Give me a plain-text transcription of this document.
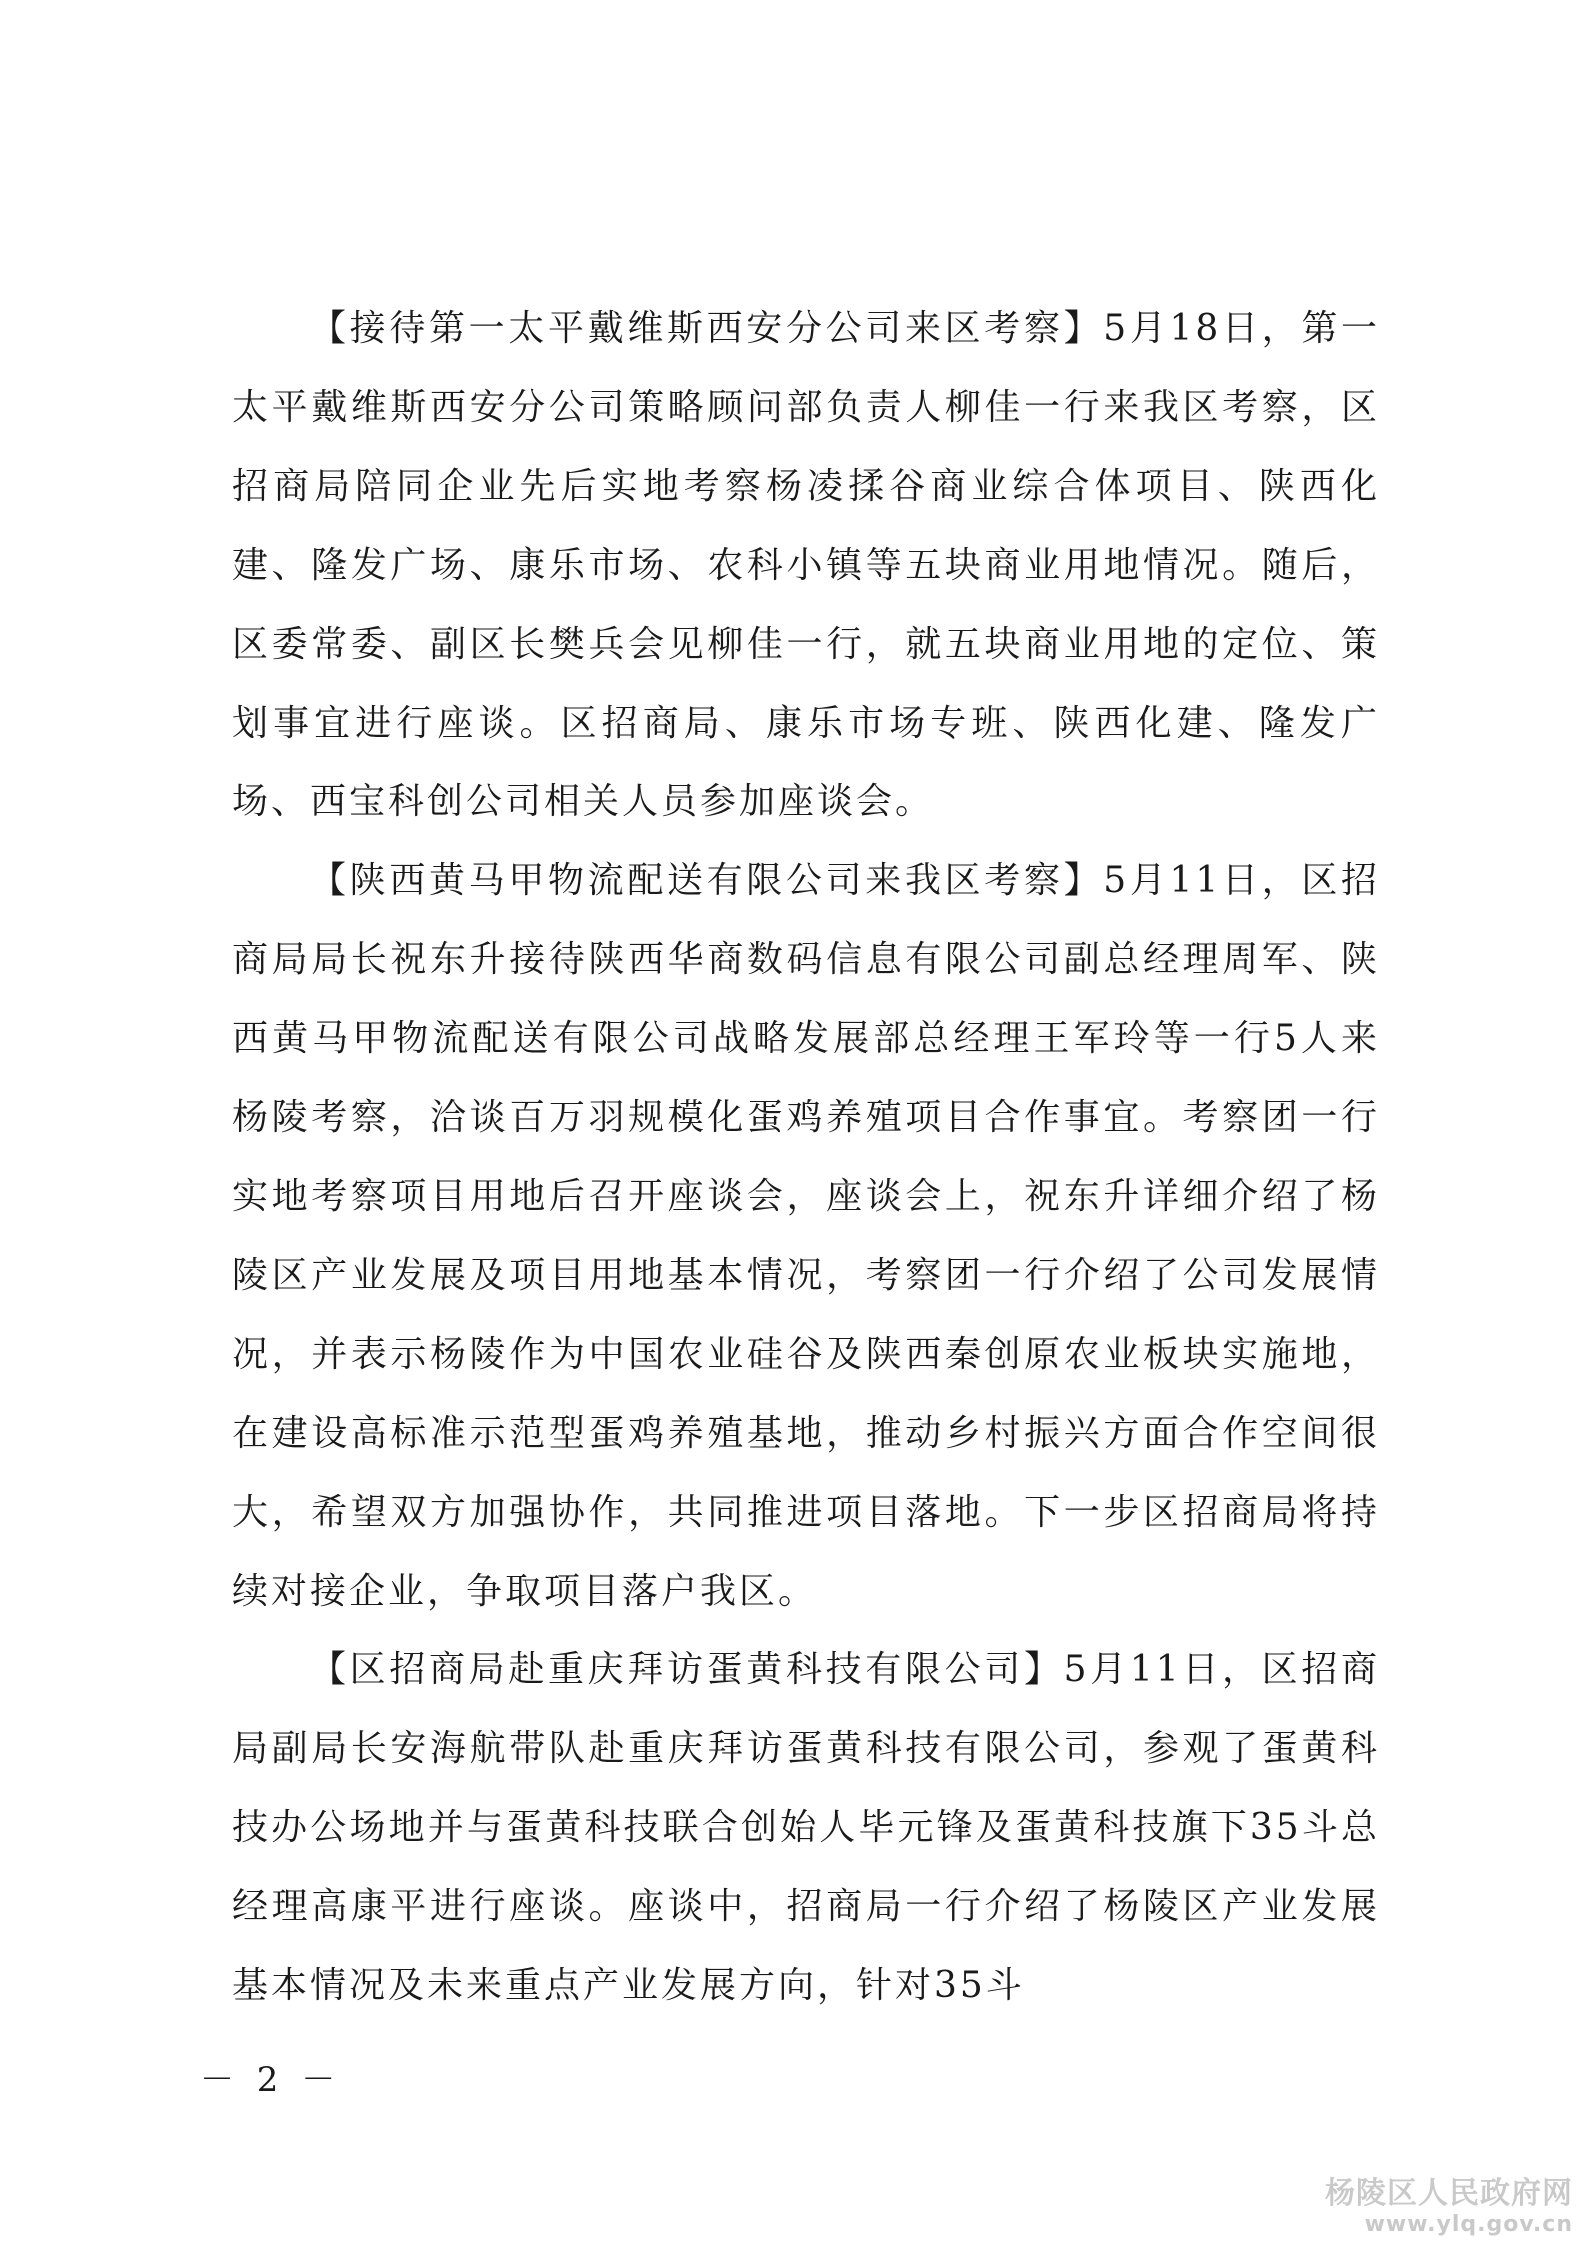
【接待第一太平戴维斯西安分公司来区考察】5月18日，第一太平戴维斯西安分公司策略顾问部负责人柳佳一行来我区考察，区招商局陪同企业先后实地考察杨凌揉谷商业综合体项目、陕西化建、隆发广场、康乐市场、农科小镇等五块商业用地情况。随后，区委常委、副区长樊兵会见柳佳一行，就五块商业用地的定位、策划事宜进行座谈。区招商局、康乐市场专班、陕西化建、隆发广场、西宝科创公司相关人员参加座谈会。

【陕西黄马甲物流配送有限公司来我区考察】5月11日，区招商局局长祝东升接待陕西华商数码信息有限公司副总经理周军、陕西黄马甲物流配送有限公司战略发展部总经理王军玲等一行5人来杨陵考察，洽谈百万羽规模化蛋鸡养殖项目合作事宜。考察团一行实地考察项目用地后召开座谈会，座谈会上，祝东升详细介绍了杨陵区产业发展及项目用地基本情况，考察团一行介绍了公司发展情况，并表示杨陵作为中国农业硅谷及陕西秦创原农业板块实施地，在建设高标准示范型蛋鸡养殖基地，推动乡村振兴方面合作空间很大，希望双方加强协作，共同推进项目落地。下一步区招商局将持续对接企业，争取项目落户我区。

【区招商局赴重庆拜访蛋黄科技有限公司】5月11日，区招商局副局长安海航带队赴重庆拜访蛋黄科技有限公司，参观了蛋黄科技办公场地并与蛋黄科技联合创始人毕元锋及蛋黄科技旗下35斗总经理高康平进行座谈。座谈中，招商局一行介绍了杨陵区产业发展基本情况及未来重点产业发展方向，针对35斗

－ 2 －
杨陵区人民政府网
www.ylq.gov.cn
